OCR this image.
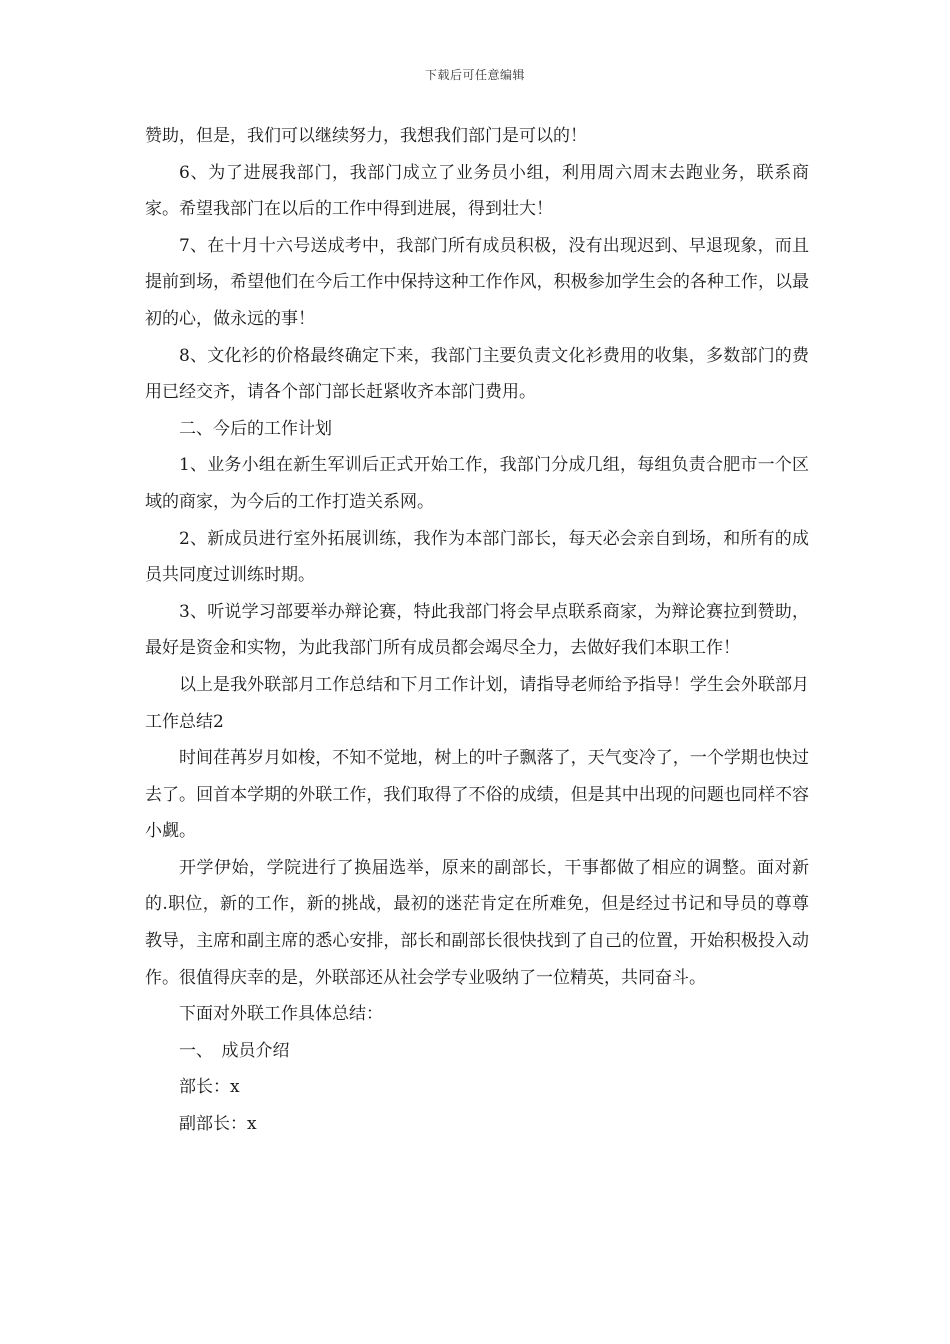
下载后可任意编辑

赞助，但是，我们可以继续努力，我想我们部门是可以的！

6、为了进展我部门，我部门成立了业务员小组，利用周六周末去跑业务，联系商家。希望我部门在以后的工作中得到进展，得到壮大！

7、在十月十六号送成考中，我部门所有成员积极，没有出现迟到、早退现象，而且提前到场，希望他们在今后工作中保持这种工作作风，积极参加学生会的各种工作，以最初的心，做永远的事！

8、文化衫的价格最终确定下来，我部门主要负责文化衫费用的收集，多数部门的费用已经交齐，请各个部门部长赶紧收齐本部门费用。

二、今后的工作计划

1、业务小组在新生军训后正式开始工作，我部门分成几组，每组负责合肥市一个区域的商家，为今后的工作打造关系网。

2、新成员进行室外拓展训练，我作为本部门部长，每天必会亲自到场，和所有的成员共同度过训练时期。

3、听说学习部要举办辩论赛，特此我部门将会早点联系商家，为辩论赛拉到赞助，最好是资金和实物，为此我部门所有成员都会竭尽全力，去做好我们本职工作！

以上是我外联部月工作总结和下月工作计划，请指导老师给予指导！学生会外联部月工作总结2

时间荏苒岁月如梭，不知不觉地，树上的叶子飘落了，天气变冷了，一个学期也快过去了。回首本学期的外联工作，我们取得了不俗的成绩，但是其中出现的问题也同样不容小觑。

开学伊始，学院进行了换届选举，原来的副部长，干事都做了相应的调整。面对新的.职位，新的工作，新的挑战，最初的迷茫肯定在所难免，但是经过书记和导员的尊尊教导，主席和副主席的悉心安排，部长和副部长很快找到了自己的位置，开始积极投入动作。很值得庆幸的是，外联部还从社会学专业吸纳了一位精英，共同奋斗。

下面对外联工作具体总结：

一、　成员介绍

部长：x

副部长：x
